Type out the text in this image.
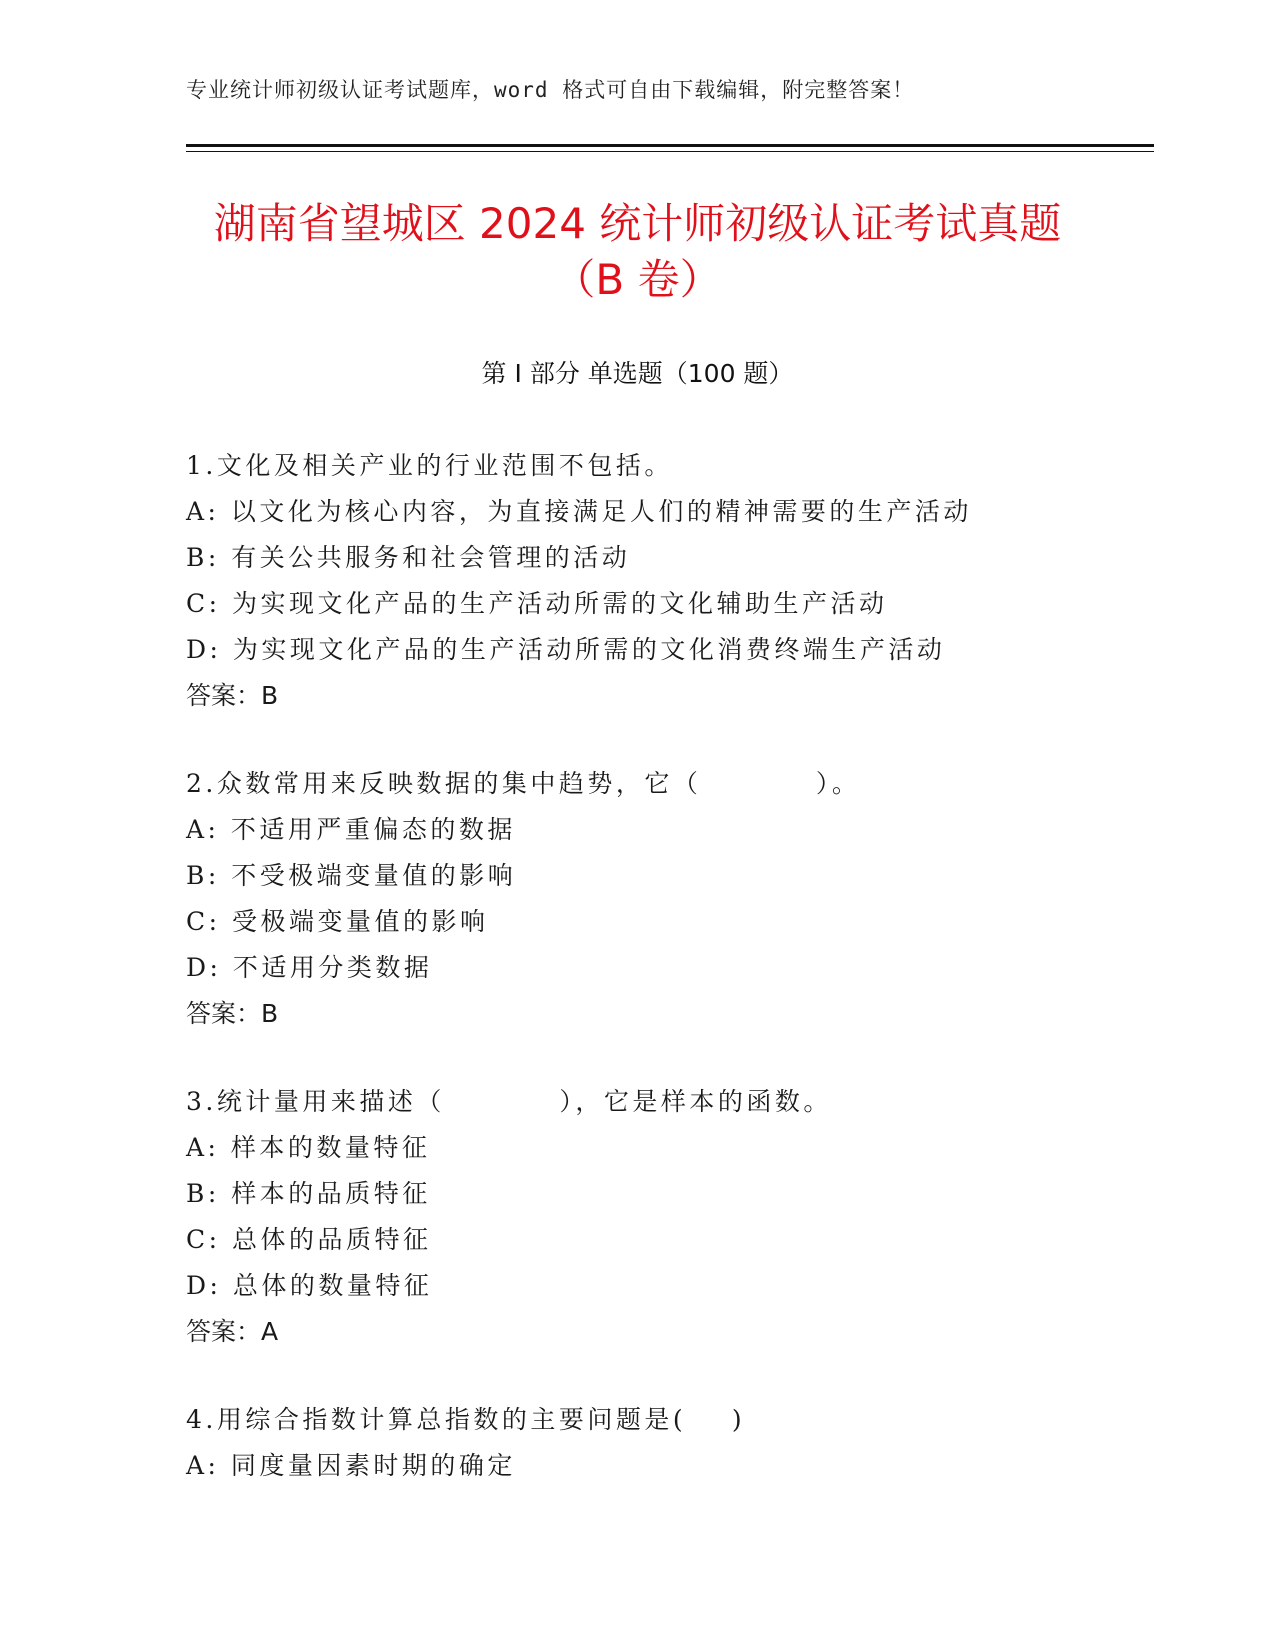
专业统计师初级认证考试题库，word 格式可自由下载编辑，附完整答案！
湖南省望城区 2024 统计师初级认证考试真题
（B 卷）
第 I 部分 单选题（100 题）
1.文化及相关产业的行业范围不包括。
A: 以文化为核心内容，为直接满足人们的精神需要的生产活动
B: 有关公共服务和社会管理的活动
C: 为实现文化产品的生产活动所需的文化辅助生产活动
D: 为实现文化产品的生产活动所需的文化消费终端生产活动
答案：B
2.众数常用来反映数据的集中趋势，它（          ）。
A: 不适用严重偏态的数据
B: 不受极端变量值的影响
C: 受极端变量值的影响
D: 不适用分类数据
答案：B
3.统计量用来描述（          ），它是样本的函数。
A: 样本的数量特征
B: 样本的品质特征
C: 总体的品质特征
D: 总体的数量特征
答案：A
4.用综合指数计算总指数的主要问题是(    )
A: 同度量因素时期的确定
